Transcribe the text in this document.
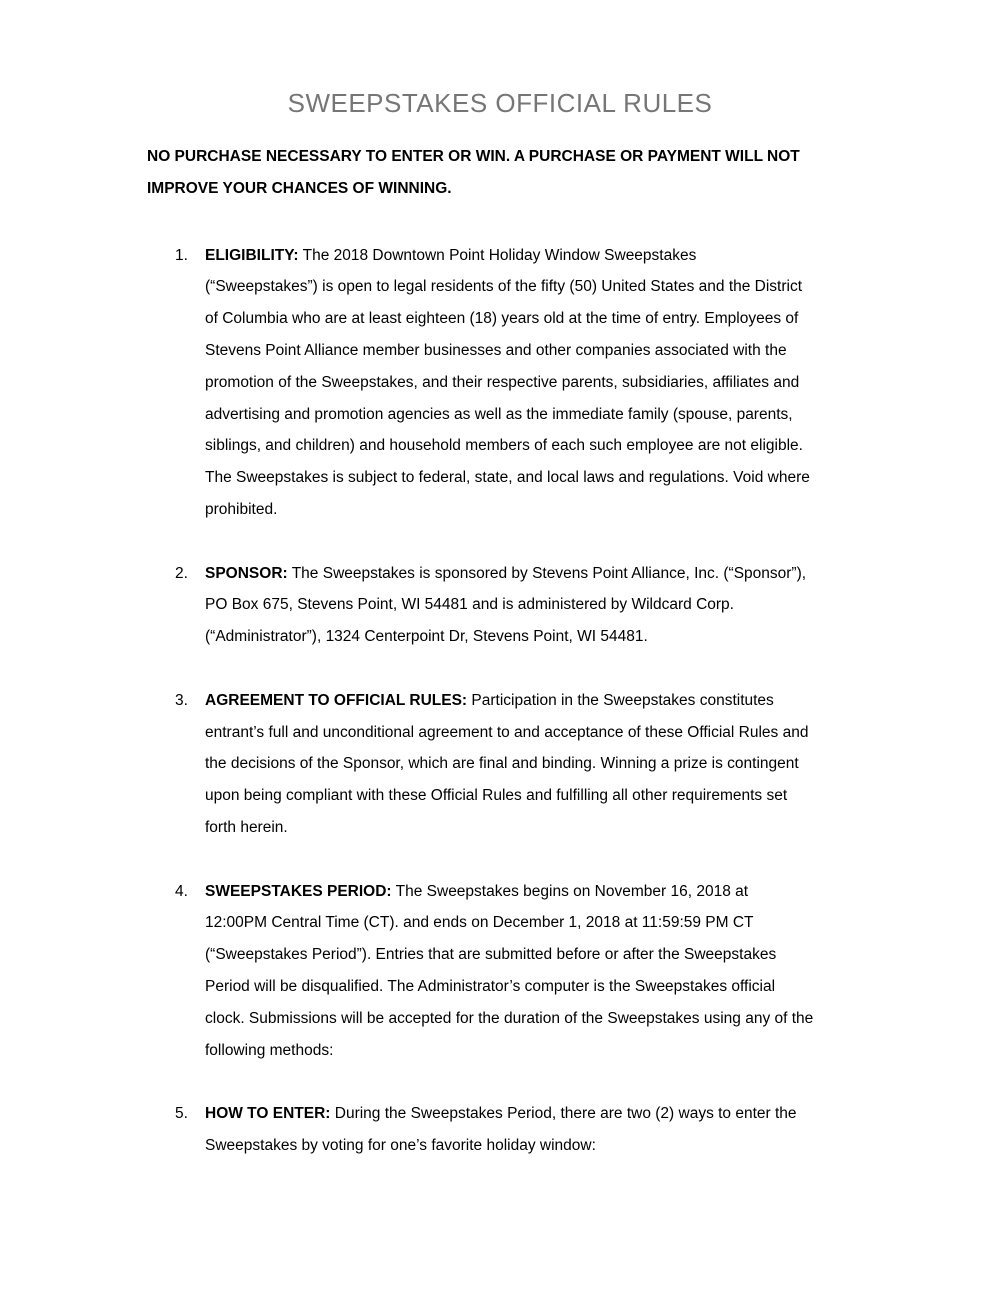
SWEEPSTAKES OFFICIAL RULES
NO PURCHASE NECESSARY TO ENTER OR WIN. A PURCHASE OR PAYMENT WILL NOT
IMPROVE YOUR CHANCES OF WINNING.
1. ELIGIBILITY: The 2018 Downtown Point Holiday Window Sweepstakes
(“Sweepstakes”) is open to legal residents of the fifty (50) United States and the District
of Columbia who are at least eighteen (18) years old at the time of entry. Employees of
Stevens Point Alliance member businesses and other companies associated with the
promotion of the Sweepstakes, and their respective parents, subsidiaries, affiliates and
advertising and promotion agencies as well as the immediate family (spouse, parents,
siblings, and children) and household members of each such employee are not eligible.
The Sweepstakes is subject to federal, state, and local laws and regulations. Void where
prohibited.
2. SPONSOR: The Sweepstakes is sponsored by Stevens Point Alliance, Inc. (“Sponsor”),
PO Box 675, Stevens Point, WI 54481 and is administered by Wildcard Corp.
(“Administrator”), 1324 Centerpoint Dr, Stevens Point, WI 54481.
3. AGREEMENT TO OFFICIAL RULES: Participation in the Sweepstakes constitutes
entrant’s full and unconditional agreement to and acceptance of these Official Rules and
the decisions of the Sponsor, which are final and binding. Winning a prize is contingent
upon being compliant with these Official Rules and fulfilling all other requirements set
forth herein.
4. SWEEPSTAKES PERIOD: The Sweepstakes begins on November 16, 2018 at
12:00PM Central Time (CT). and ends on December 1, 2018 at 11:59:59 PM CT
(“Sweepstakes Period”). Entries that are submitted before or after the Sweepstakes
Period will be disqualified. The Administrator’s computer is the Sweepstakes official
clock. Submissions will be accepted for the duration of the Sweepstakes using any of the
following methods:
5. HOW TO ENTER: During the Sweepstakes Period, there are two (2) ways to enter the
Sweepstakes by voting for one’s favorite holiday window:
